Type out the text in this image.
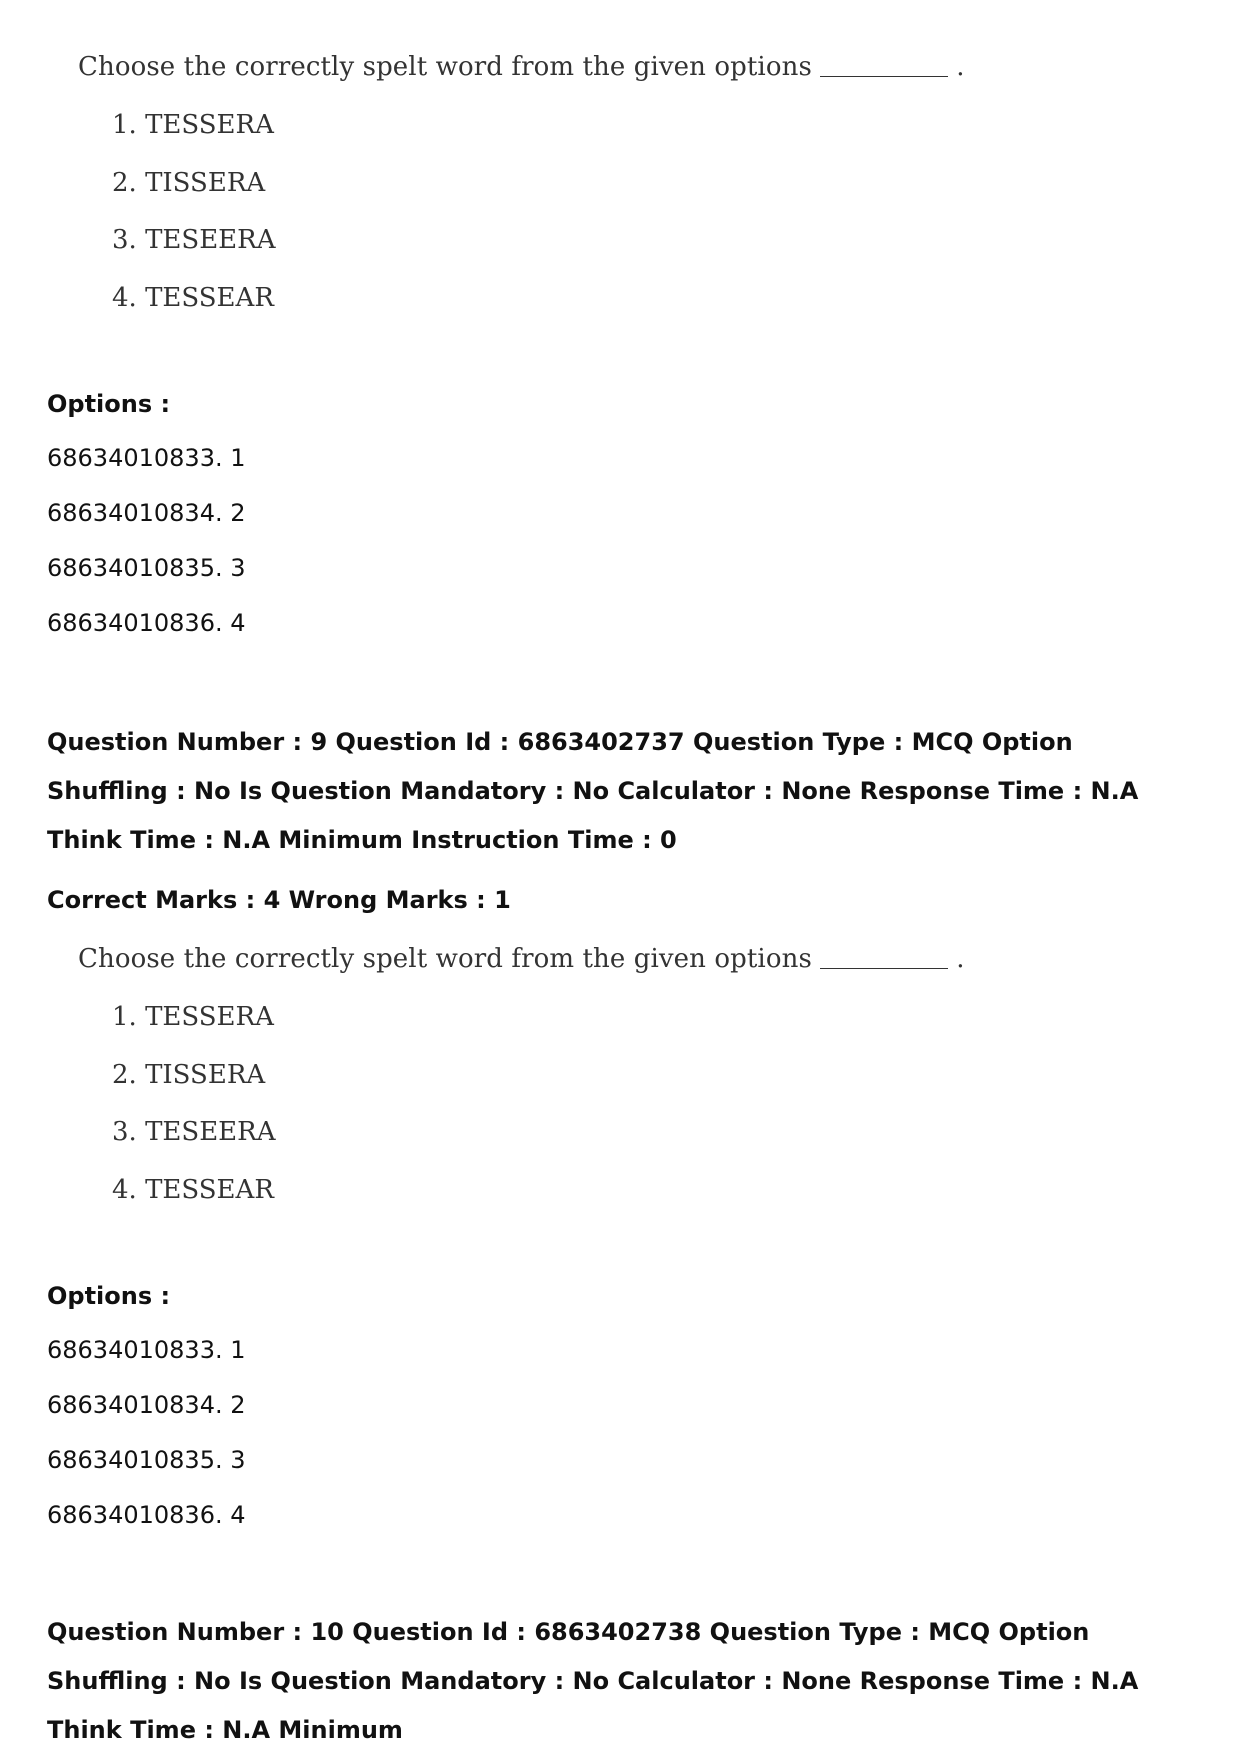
Choose the correctly spelt word from the given options	.
1. TESSERA
2. TISSERA
3. TESEERA
4. TESSEAR
Options :
68634010833. 1
68634010834. 2
68634010835. 3
68634010836. 4
Question Number : 9 Question Id : 6863402737 Question Type : MCQ Option Shuffling : No Is Question Mandatory : No Calculator : None Response Time : N.A Think Time : N.A Minimum Instruction Time : 0
Correct Marks : 4 Wrong Marks : 1
Choose the correctly spelt word from the given options	.
1. TESSERA
2. TISSERA
3. TESEERA
4. TESSEAR
Options :
68634010833. 1
68634010834. 2
68634010835. 3
68634010836. 4
Question Number : 10 Question Id : 6863402738 Question Type : MCQ Option Shuffling : No Is Question Mandatory : No Calculator : None Response Time : N.A Think Time : N.A Minimum
